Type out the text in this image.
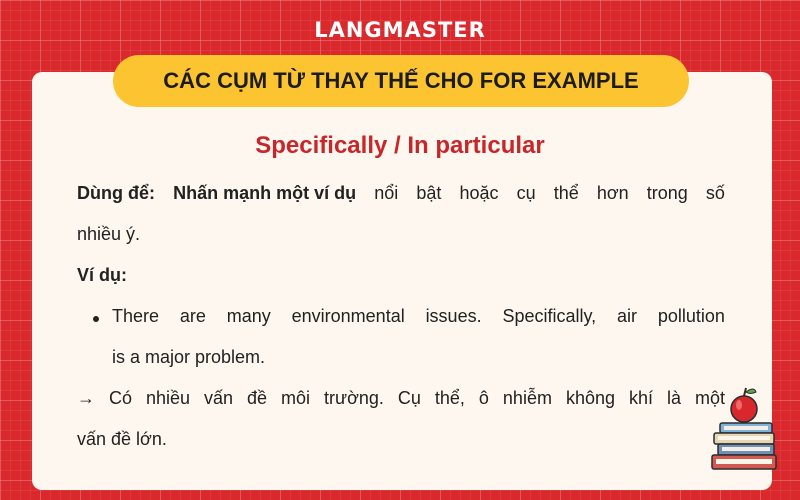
LANGMASTER
CÁC CỤM TỪ THAY THẾ CHO FOR EXAMPLE
Specifically / In particular
Dùng để: Nhấn mạnh một ví dụ nổi bật hoặc cụ thể hơn trong số
nhiều ý.
Ví dụ:
There are many environmental issues. Specifically, air pollution
is a major problem.
→ Có nhiều vấn đề môi trường. Cụ thể, ô nhiễm không khí là một
vấn đề lớn.
